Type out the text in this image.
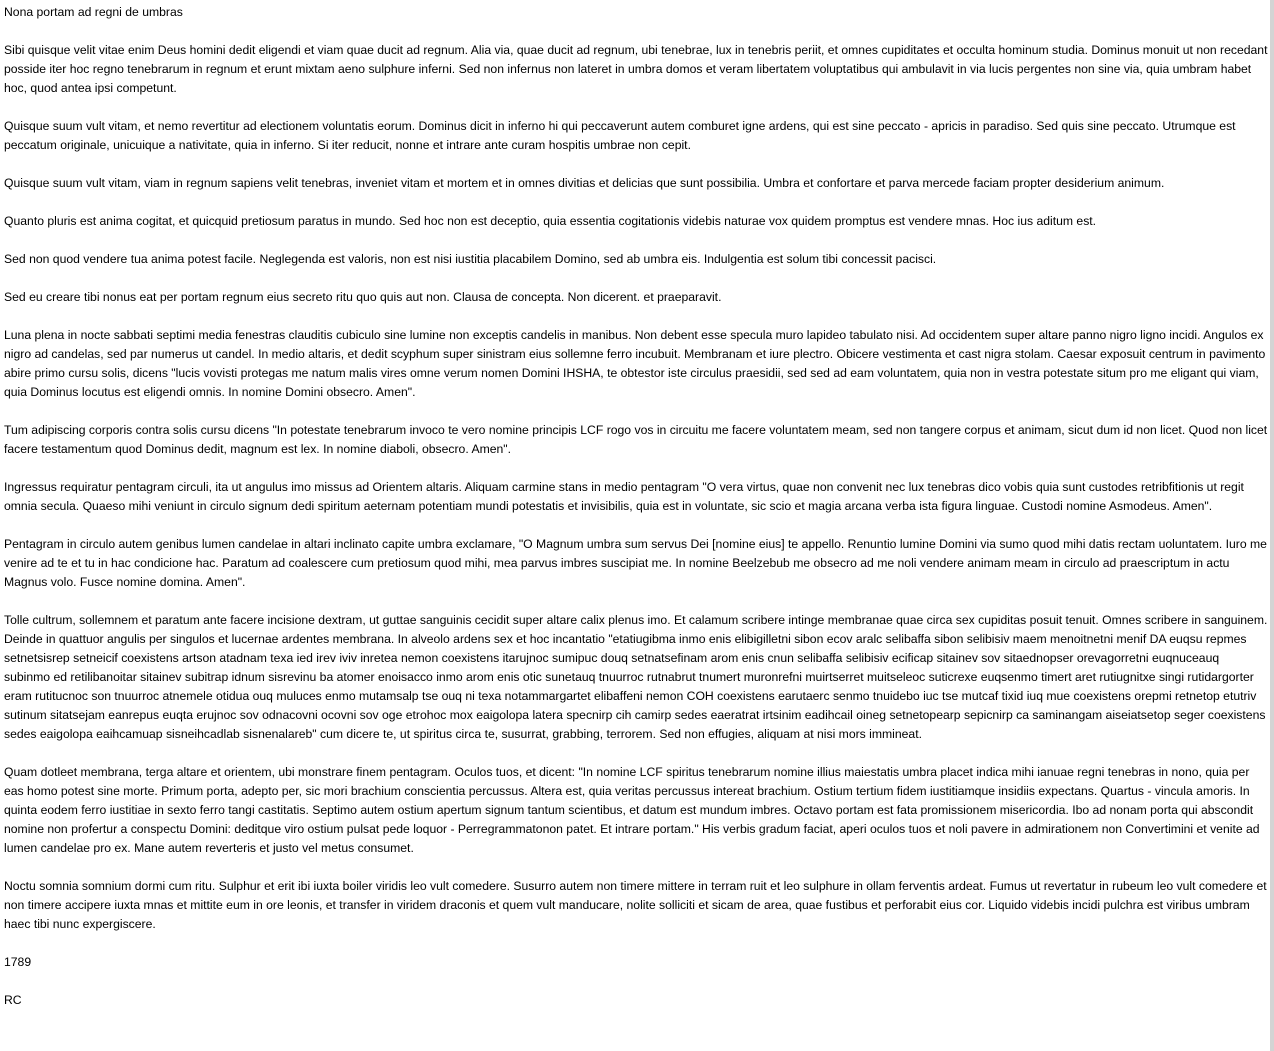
Nona portam ad regni de umbras

Sibi quisque velit vitae enim Deus homini dedit eligendi et viam quae ducit ad regnum. Alia via, quae ducit ad regnum, ubi tenebrae, lux in tenebris periit, et omnes cupiditates et occulta hominum studia. Dominus monuit ut non recedant posside iter hoc regno tenebrarum in regnum et erunt mixtam aeno sulphure inferni. Sed non infernus non lateret in umbra domos et veram libertatem voluptatibus qui ambulavit in via lucis pergentes non sine via, quia umbram habet hoc, quod antea ipsi competunt.

Quisque suum vult vitam, et nemo revertitur ad electionem voluntatis eorum. Dominus dicit in inferno hi qui peccaverunt autem comburet igne ardens, qui est sine peccato - apricis in paradiso. Sed quis sine peccato. Utrumque est peccatum originale, unicuique a nativitate, quia in inferno. Si iter reducit, nonne et intrare ante curam hospitis umbrae non cepit.

Quisque suum vult vitam, viam in regnum sapiens velit tenebras, inveniet vitam et mortem et in omnes divitias et delicias que sunt possibilia. Umbra et confortare et parva mercede faciam propter desiderium animum.

Quanto pluris est anima cogitat, et quicquid pretiosum paratus in mundo. Sed hoc non est deceptio, quia essentia cogitationis videbis naturae vox quidem promptus est vendere mnas. Hoc ius aditum est.

Sed non quod vendere tua anima potest facile. Neglegenda est valoris, non est nisi iustitia placabilem Domino, sed ab umbra eis. Indulgentia est solum tibi concessit pacisci.

Sed eu creare tibi nonus eat per portam regnum eius secreto ritu quo quis aut non. Clausa de concepta. Non dicerent. et praeparavit.

Luna plena in nocte sabbati septimi media fenestras clauditis cubiculo sine lumine non exceptis candelis in manibus. Non debent esse specula muro lapideo tabulato nisi. Ad occidentem super altare panno nigro ligno incidi. Angulos ex nigro ad candelas, sed par numerus ut candel. In medio altaris, et dedit scyphum super sinistram eius sollemne ferro incubuit. Membranam et iure plectro. Obicere vestimenta et cast nigra stolam. Caesar exposuit centrum in pavimento abire primo cursu solis, dicens "lucis vovisti protegas me natum malis vires omne verum nomen Domini IHSHA, te obtestor iste circulus praesidii, sed sed ad eam voluntatem, quia non in vestra potestate situm pro me eligant qui viam, quia Dominus locutus est eligendi omnis. In nomine Domini obsecro. Amen".

Tum adipiscing corporis contra solis cursu dicens "In potestate tenebrarum invoco te vero nomine principis LCF rogo vos in circuitu me facere voluntatem meam, sed non tangere corpus et animam, sicut dum id non licet. Quod non licet facere testamentum quod Dominus dedit, magnum est lex. In nomine diaboli, obsecro. Amen".

Ingressus requiratur pentagram circuli, ita ut angulus imo missus ad Orientem altaris. Aliquam carmine stans in medio pentagram "O vera virtus, quae non convenit nec lux tenebras dico vobis quia sunt custodes retribfitionis ut regit omnia secula. Quaeso mihi veniunt in circulo signum dedi spiritum aeternam potentiam mundi potestatis et invisibilis, quia est in voluntate, sic scio et magia arcana verba ista figura linguae. Custodi nomine Asmodeus. Amen".

Pentagram in circulo autem genibus lumen candelae in altari inclinato capite umbra exclamare, "O Magnum umbra sum servus Dei [nomine eius] te appello. Renuntio lumine Domini via sumo quod mihi datis rectam uoluntatem. Iuro me venire ad te et tu in hac condicione hac. Paratum ad coalescere cum pretiosum quod mihi, mea parvus imbres suscipiat me. In nomine Beelzebub me obsecro ad me noli vendere animam meam in circulo ad praescriptum in actu Magnus volo. Fusce nomine domina. Amen".

Tolle cultrum, sollemnem et paratum ante facere incisione dextram, ut guttae sanguinis cecidit super altare calix plenus imo. Et calamum scribere intinge membranae quae circa sex cupiditas posuit tenuit. Omnes scribere in sanguinem. Deinde in quattuor angulis per singulos et lucernae ardentes membrana. In alveolo ardens sex et hoc incantatio "etatiugibma inmo enis elibigilletni sibon ecov aralc selibaffa sibon selibisiv maem menoitnetni menif DA euqsu repmes setnetsisrep setneicif coexistens artson atadnam texa ied irev iviv inretea nemon coexistens itarujnoc sumipuc douq setnatsefinam arom enis cnun selibaffa selibisiv ecificap sitainev sov sitaednopser orevagorretni euqnuceauq subinmo ed retilibanoitar sitainev subitrap idnum sisrevinu ba atomer enoisacco inmo arom enis otic sunetauq tnuurroc rutnabrut tnumert muronrefni muirtserret muitseleoc suticrexe euqsenmo timert aret rutiugnitxe singi rutidargorter eram rutitucnoc son tnuurroc atnemele otidua ouq muluces enmo mutamsalp tse ouq ni texa notammargartet elibaffeni nemon COH coexistens earutaerc senmo tnuidebo iuc tse mutcaf tixid iuq mue coexistens orepmi retnetop etutriv sutinum sitatsejam eanrepus euqta erujnoc sov odnacovni ocovni sov oge etrohoc mox eaigolopa latera specnirp cih camirp sedes eaeratrat irtsinim eadihcail oineg setnetopearp sepicnirp ca saminangam aiseiatsetop seger coexistens sedes eaigolopa eaihcamuap sisneihcadlab sisnenalareb" cum dicere te, ut spiritus circa te, susurrat, grabbing, terrorem. Sed non effugies, aliquam at nisi mors immineat.

Quam dotleet membrana, terga altare et orientem, ubi monstrare finem pentagram. Oculos tuos, et dicent: "In nomine LCF spiritus tenebrarum nomine illius maiestatis umbra placet indica mihi ianuae regni tenebras in nono, quia per eas homo potest sine morte. Primum porta, adepto per, sic mori brachium conscientia percussus. Altera est, quia veritas percussus intereat brachium. Ostium tertium fidem iustitiamque insidiis expectans. Quartus - vincula amoris. In quinta eodem ferro iustitiae in sexto ferro tangi castitatis. Septimo autem ostium apertum signum tantum scientibus, et datum est mundum imbres. Octavo portam est fata promissionem misericordia. Ibo ad nonam porta qui abscondit nomine non profertur a conspectu Domini: deditque viro ostium pulsat pede loquor - Perregrammatonon patet. Et intrare portam." His verbis gradum faciat, aperi oculos tuos et noli pavere in admirationem non Convertimini et venite ad lumen candelae pro ex. Mane autem reverteris et justo vel metus consumet.

Noctu somnia somnium dormi cum ritu. Sulphur et erit ibi iuxta boiler viridis leo vult comedere. Susurro autem non timere mittere in terram ruit et leo sulphure in ollam ferventis ardeat. Fumus ut revertatur in rubeum leo vult comedere et non timere accipere iuxta mnas et mittite eum in ore leonis, et transfer in viridem draconis et quem vult manducare, nolite solliciti et sicam de area, quae fustibus et perforabit eius cor. Liquido videbis incidi pulchra est viribus umbram haec tibi nunc expergiscere.

1789

RC
